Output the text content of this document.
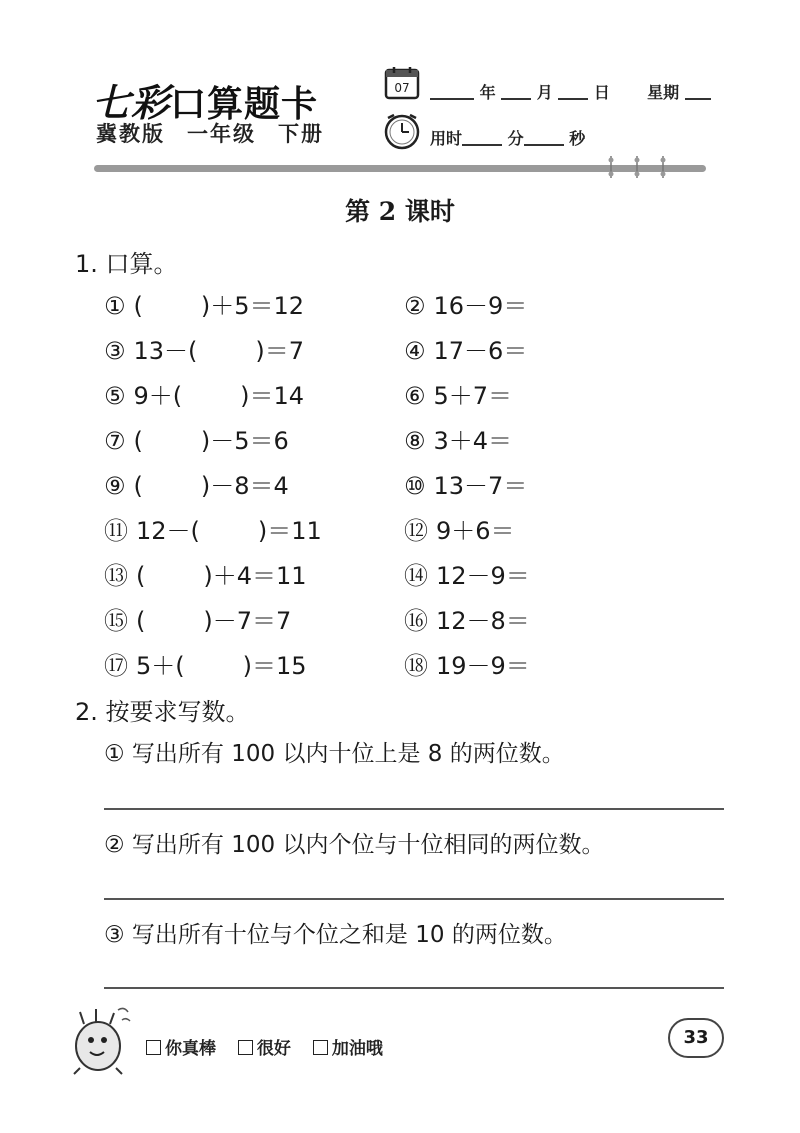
七彩口算题卡
冀教版 一年级 下册
07	年	月	日 星期
用时	分	秒
第 2 课时
1. 口算。
① ( )＋5＝12	② 16－9＝
③ 13－( )＝7	④ 17－6＝
⑤ 9＋( )＝14	⑥ 5＋7＝
⑦ ( )－5＝6	⑧ 3＋4＝
⑨ ( )－8＝4	⑩ 13－7＝
⑪ 12－( )＝11	⑫ 9＋6＝
⑬ ( )＋4＝11	⑭ 12－9＝
⑮ ( )－7＝7	⑯ 12－8＝
⑰ 5＋( )＝15	⑱ 19－9＝
2. 按要求写数。
① 写出所有 100 以内十位上是 8 的两位数。
② 写出所有 100 以内个位与十位相同的两位数。
③ 写出所有十位与个位之和是 10 的两位数。
你真棒 很好 加油哦
33
